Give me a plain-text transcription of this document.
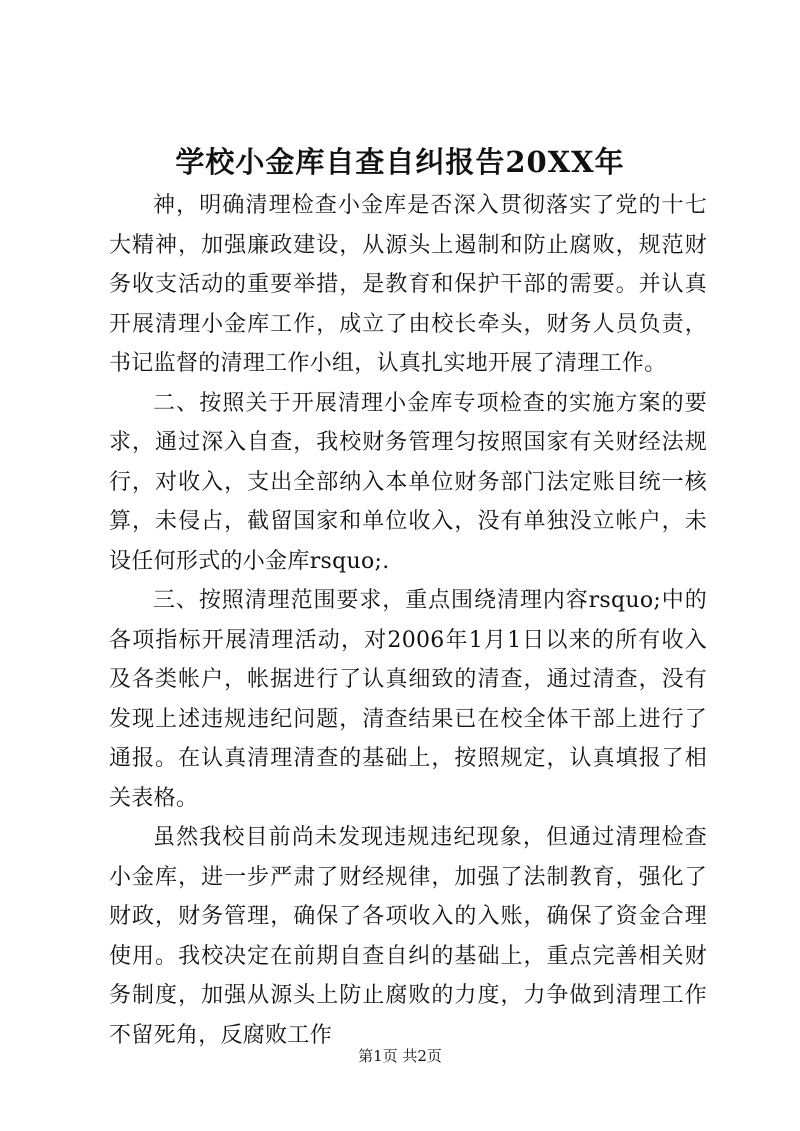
学校小金库自查自纠报告20XX年

神，明确清理检查小金库是否深入贯彻落实了党的十七大精神，加强廉政建设，从源头上遏制和防止腐败，规范财务收支活动的重要举措，是教育和保护干部的需要。并认真开展清理小金库工作，成立了由校长牵头，财务人员负责，书记监督的清理工作小组，认真扎实地开展了清理工作。

二、按照关于开展清理小金库专项检查的实施方案的要求，通过深入自查，我校财务管理匀按照国家有关财经法规行，对收入，支出全部纳入本单位财务部门法定账目统一核算，未侵占，截留国家和单位收入，没有单独没立帐户，未设任何形式的小金库rsquo;.

三、按照清理范围要求，重点围绕清理内容rsquo;中的各项指标开展清理活动，对2006年1月1日以来的所有收入及各类帐户，帐据进行了认真细致的清查，通过清查，没有发现上述违规违纪问题，清查结果已在校全体干部上进行了通报。在认真清理清查的基础上，按照规定，认真填报了相关表格。

虽然我校目前尚未发现违规违纪现象，但通过清理检查小金库，进一步严肃了财经规律，加强了法制教育，强化了财政，财务管理，确保了各项收入的入账，确保了资金合理使用。我校决定在前期自查自纠的基础上，重点完善相关财务制度，加强从源头上防止腐败的力度，力争做到清理工作不留死角，反腐败工作

第1页 共2页
